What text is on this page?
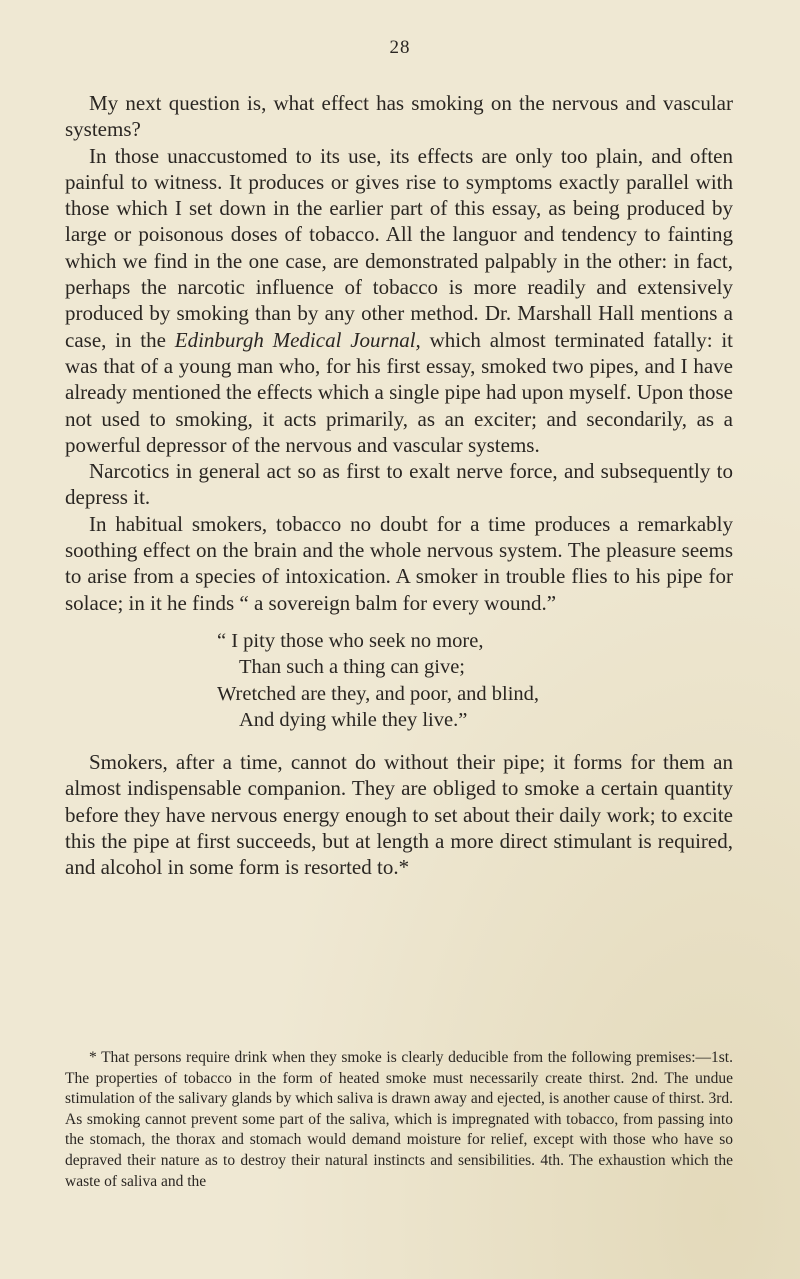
28

My next question is, what effect has smoking on the nervous and vascular systems?

In those unaccustomed to its use, its effects are only too plain, and often painful to witness. It produces or gives rise to symptoms exactly parallel with those which I set down in the earlier part of this essay, as being produced by large or poisonous doses of tobacco. All the languor and tendency to fainting which we find in the one case, are demonstrated palpably in the other: in fact, perhaps the narcotic influence of tobacco is more readily and extensively produced by smoking than by any other method. Dr. Marshall Hall mentions a case, in the Edinburgh Medical Journal, which almost terminated fatally: it was that of a young man who, for his first essay, smoked two pipes, and I have already mentioned the effects which a single pipe had upon myself. Upon those not used to smoking, it acts primarily, as an exciter; and secondarily, as a powerful depressor of the nervous and vascular systems.

Narcotics in general act so as first to exalt nerve force, and subsequently to depress it.

In habitual smokers, tobacco no doubt for a time produces a remarkably soothing effect on the brain and the whole nervous system. The pleasure seems to arise from a species of intoxication. A smoker in trouble flies to his pipe for solace; in it he finds “ a sovereign balm for every wound.”

“ I pity those who seek no more,
Than such a thing can give;
Wretched are they, and poor, and blind,
And dying while they live.”

Smokers, after a time, cannot do without their pipe; it forms for them an almost indispensable companion. They are obliged to smoke a certain quantity before they have nervous energy enough to set about their daily work; to excite this the pipe at first succeeds, but at length a more direct stimulant is required, and alcohol in some form is resorted to.*

* That persons require drink when they smoke is clearly deducible from the following premises:—1st. The properties of tobacco in the form of heated smoke must necessarily create thirst. 2nd. The undue stimulation of the salivary glands by which saliva is drawn away and ejected, is another cause of thirst. 3rd. As smoking cannot prevent some part of the saliva, which is impregnated with tobacco, from passing into the stomach, the thorax and stomach would demand moisture for relief, except with those who have so depraved their nature as to destroy their natural instincts and sensibilities. 4th. The exhaustion which the waste of saliva and the
